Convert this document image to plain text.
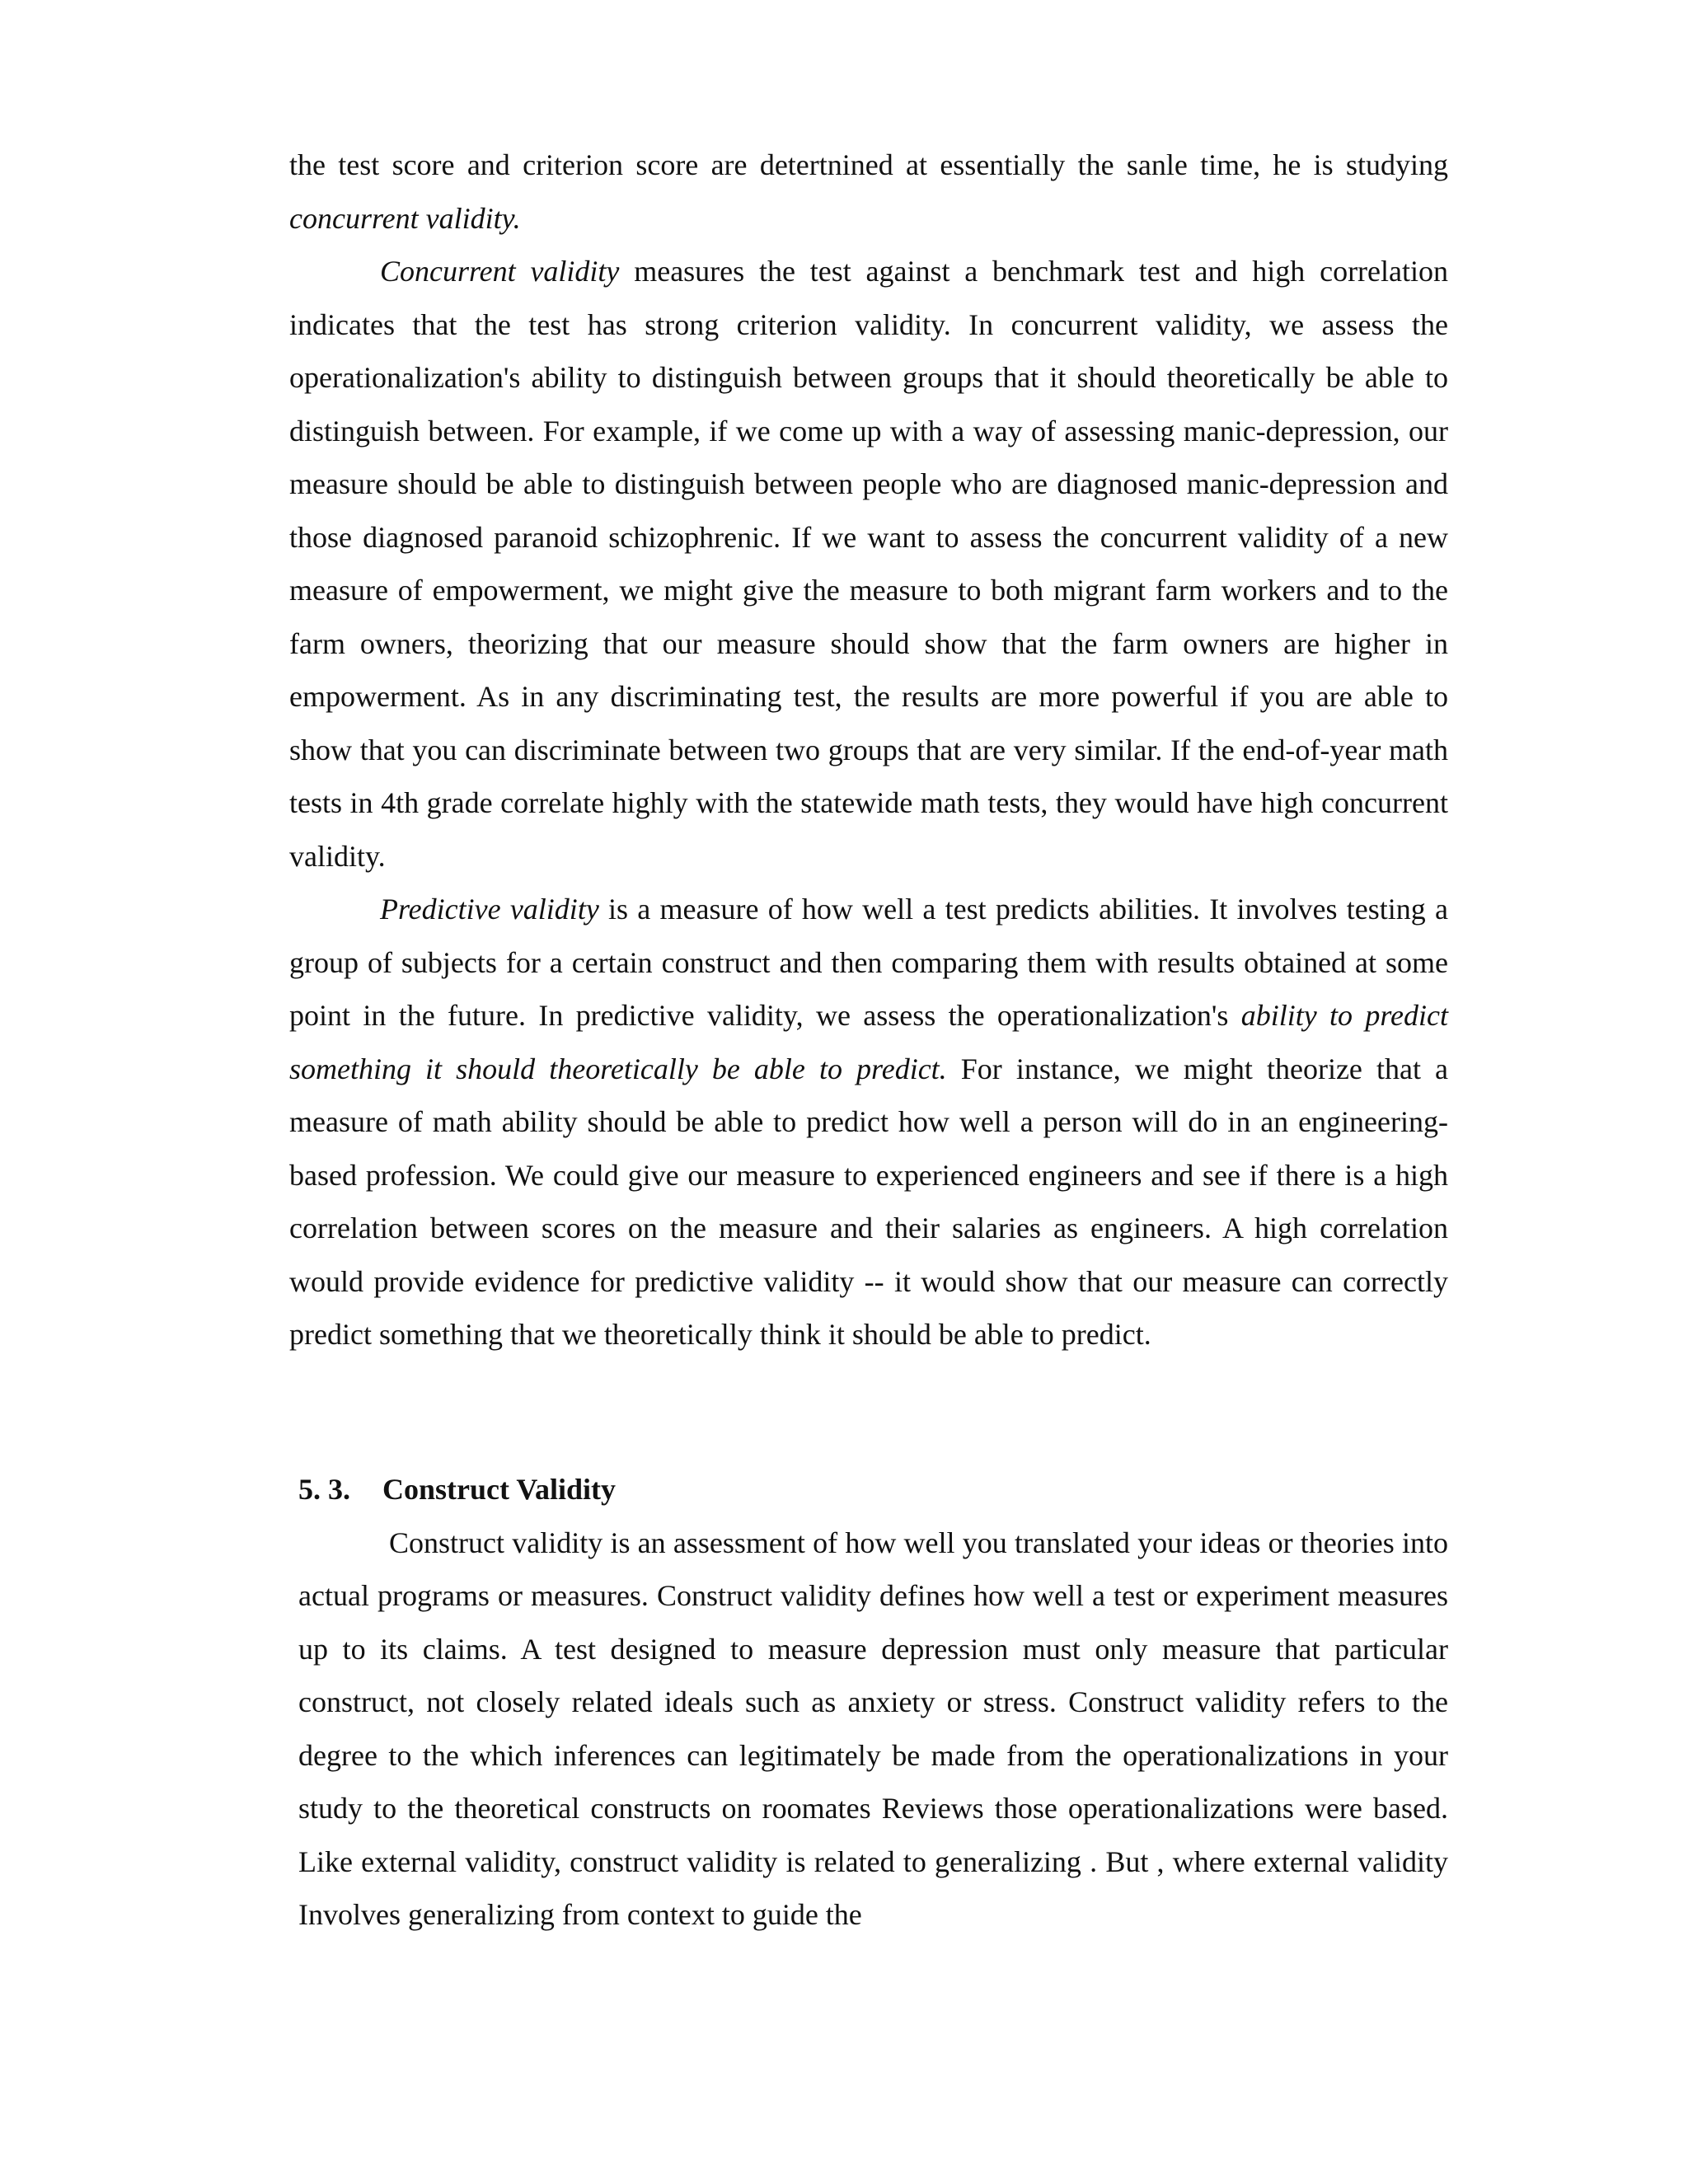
the test score and criterion score are detertnined at essentially the sanle time, he is studying concurrent validity.

Concurrent validity measures the test against a benchmark test and high correlation indicates that the test has strong criterion validity. In concurrent validity, we assess the operationalization's ability to distinguish between groups that it should theoretically be able to distinguish between. For example, if we come up with a way of assessing manic-depression, our measure should be able to distinguish between people who are diagnosed manic-depression and those diagnosed paranoid schizophrenic. If we want to assess the concurrent validity of a new measure of empowerment, we might give the measure to both migrant farm workers and to the farm owners, theorizing that our measure should show that the farm owners are higher in empowerment. As in any discriminating test, the results are more powerful if you are able to show that you can discriminate between two groups that are very similar. If the end-of-year math tests in 4th grade correlate highly with the statewide math tests, they would have high concurrent validity.

Predictive validity is a measure of how well a test predicts abilities. It involves testing a group of subjects for a certain construct and then comparing them with results obtained at some point in the future. In predictive validity, we assess the operationalization's ability to predict something it should theoretically be able to predict. For instance, we might theorize that a measure of math ability should be able to predict how well a person will do in an engineering-based profession. We could give our measure to experienced engineers and see if there is a high correlation between scores on the measure and their salaries as engineers. A high correlation would provide evidence for predictive validity -- it would show that our measure can correctly predict something that we theoretically think it should be able to predict.

5. 3. Construct Validity

Construct validity is an assessment of how well you translated your ideas or theories into actual programs or measures. Construct validity defines how well a test or experiment measures up to its claims. A test designed to measure depression must only measure that particular construct, not closely related ideals such as anxiety or stress. Construct validity refers to the degree to the which inferences can legitimately be made from the operationalizations in your study to the theoretical constructs on roomates Reviews those operationalizations were based. Like external validity, construct validity is related to generalizing . But , where external validity Involves generalizing from context to guide the
